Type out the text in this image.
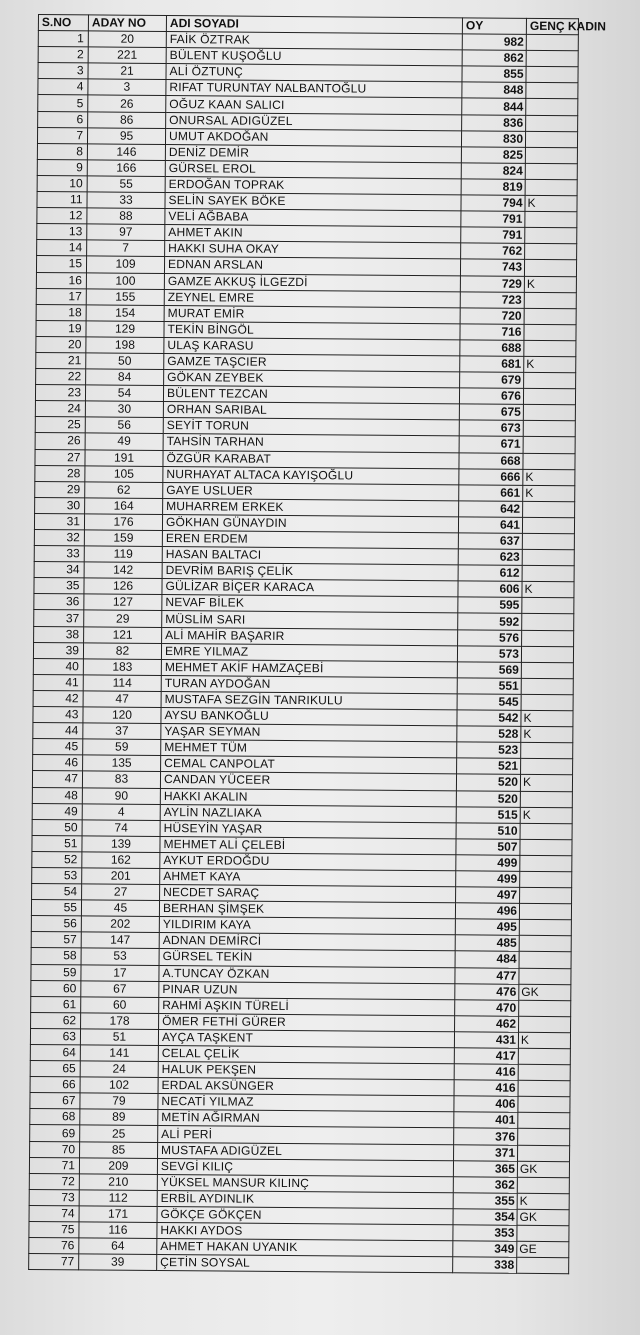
S.NO	ADAY NO	ADI SOYADI	OY	GENÇ KADIN
1	20	FAİK ÖZTRAK	982	
2	221	BÜLENT KUŞOĞLU	862	
3	21	ALİ ÖZTUNÇ	855	
4	3	RIFAT TURUNTAY NALBANTOĞLU	848	
5	26	OĞUZ KAAN SALICI	844	
6	86	ONURSAL ADIGÜZEL	836	
7	95	UMUT AKDOĞAN	830	
8	146	DENİZ DEMİR	825	
9	166	GÜRSEL EROL	824	
10	55	ERDOĞAN TOPRAK	819	
11	33	SELİN SAYEK BÖKE	794	K
12	88	VELİ AĞBABA	791	
13	97	AHMET AKIN	791	
14	7	HAKKI SUHA OKAY	762	
15	109	EDNAN ARSLAN	743	
16	100	GAMZE AKKUŞ İLGEZDİ	729	K
17	155	ZEYNEL EMRE	723	
18	154	MURAT EMİR	720	
19	129	TEKİN BİNGÖL	716	
20	198	ULAŞ KARASU	688	
21	50	GAMZE TAŞCIER	681	K
22	84	GÖKAN ZEYBEK	679	
23	54	BÜLENT TEZCAN	676	
24	30	ORHAN SARIBAL	675	
25	56	SEYİT TORUN	673	
26	49	TAHSİN TARHAN	671	
27	191	ÖZGÜR KARABAT	668	
28	105	NURHAYAT ALTACA KAYIŞOĞLU	666	K
29	62	GAYE USLUER	661	K
30	164	MUHARREM ERKEK	642	
31	176	GÖKHAN GÜNAYDIN	641	
32	159	EREN ERDEM	637	
33	119	HASAN BALTACI	623	
34	142	DEVRİM BARIŞ ÇELİK	612	
35	126	GÜLİZAR BİÇER KARACA	606	K
36	127	NEVAF BİLEK	595	
37	29	MÜSLİM SARI	592	
38	121	ALİ MAHİR BAŞARIR	576	
39	82	EMRE YILMAZ	573	
40	183	MEHMET AKİF HAMZAÇEBİ	569	
41	114	TURAN AYDOĞAN	551	
42	47	MUSTAFA SEZGİN TANRIKULU	545	
43	120	AYSU BANKOĞLU	542	K
44	37	YAŞAR SEYMAN	528	K
45	59	MEHMET TÜM	523	
46	135	CEMAL CANPOLAT	521	
47	83	CANDAN YÜCEER	520	K
48	90	HAKKI AKALIN	520	
49	4	AYLİN NAZLIAKA	515	K
50	74	HÜSEYİN YAŞAR	510	
51	139	MEHMET ALİ ÇELEBİ	507	
52	162	AYKUT ERDOĞDU	499	
53	201	AHMET KAYA	499	
54	27	NECDET SARAÇ	497	
55	45	BERHAN ŞİMŞEK	496	
56	202	YILDIRIM KAYA	495	
57	147	ADNAN DEMİRCİ	485	
58	53	GÜRSEL TEKİN	484	
59	17	A.TUNCAY ÖZKAN	477	
60	67	PINAR UZUN	476	GK
61	60	RAHMİ AŞKIN TÜRELİ	470	
62	178	ÖMER FETHİ GÜRER	462	
63	51	AYÇA TAŞKENT	431	K
64	141	CELAL ÇELİK	417	
65	24	HALUK PEKŞEN	416	
66	102	ERDAL AKSÜNGER	416	
67	79	NECATİ YILMAZ	406	
68	89	METİN AĞIRMAN	401	
69	25	ALİ PERİ	376	
70	85	MUSTAFA ADIGÜZEL	371	
71	209	SEVGİ KILIÇ	365	GK
72	210	YÜKSEL MANSUR KILINÇ	362	
73	112	ERBİL AYDINLIK	355	K
74	171	GÖKÇE GÖKÇEN	354	GK
75	116	HAKKI AYDOS	353	
76	64	AHMET HAKAN UYANIK	349	GE
77	39	ÇETİN SOYSAL	338	
